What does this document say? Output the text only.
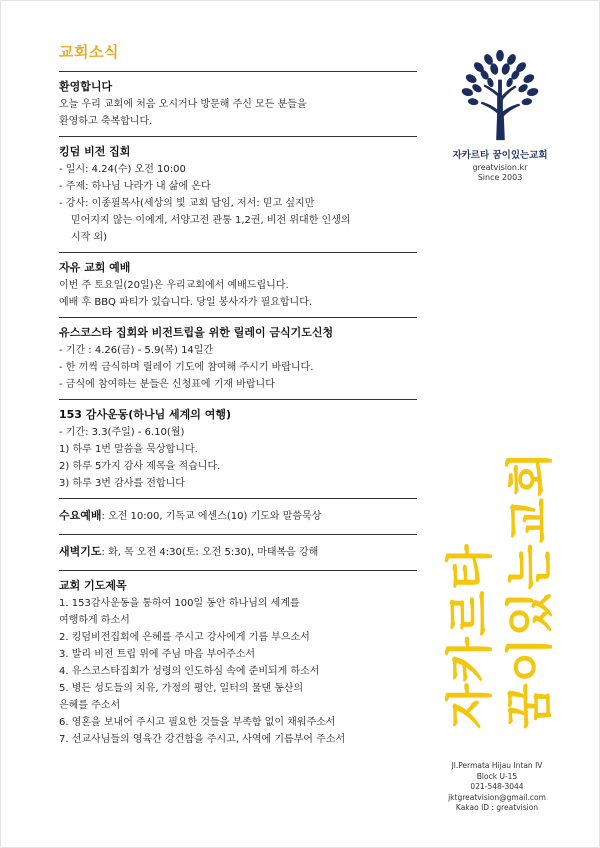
교회소식
환영합니다
오늘 우리 교회에 처음 오시거나 방문해 주신 모든 분들을
환영하고 축복합니다.
킹덤 비전 집회
- 일시: 4.24(수) 오전 10:00
- 주제: 하나님 나라가 내 삶에 온다
- 강사: 이종필목사(세상의 빛 교회 담임, 저서: 믿고 싶지만
믿어지지 않는 이에게, 서양고전 관통 1,2권, 비전 위대한 인생의
시작 외)
자유 교회 예배
이번 주 토요일(20일)은 우리교회에서 예배드립니다.
예배 후 BBQ 파티가 있습니다. 당일 봉사자가 필요합니다.
유스코스타 집회와 비전트립을 위한 릴레이 금식기도신청
- 기간 : 4.26(금) - 5.9(목) 14일간
- 한 끼씩 금식하며 릴레이 기도에 참여해 주시기 바랍니다.
- 금식에 참여하는 분들은 신청표에 기재 바랍니다
153 감사운동(하나님 세계의 여행)
- 기간: 3.3(주일) - 6.10(월)
1) 하루 1번 말씀을 묵상합니다.
2) 하루 5가지 감사 제목을 적습니다.
3) 하루 3번 감사를 전합니다
수요예배: 오전 10:00, 기독교 에센스(10) 기도와 말씀묵상
새벽기도: 화, 목 오전 4:30(토: 오전 5:30), 마태복음 강해
교회 기도제목
1. 153감사운동을 통하여 100일 동안 하나님의 세계를
여행하게 하소서
2. 킹덤비전집회에 은혜를 주시고 강사에게 기름 부으소서
3. 발리 비전 트립 위에 주님 마음 부어주소서
4. 유스코스타집회가 성령의 인도하심 속에 준비되게 하소서
5. 병든 성도들의 치유, 가정의 평안, 일터의 물댄 동산의
은혜를 주소서
6. 영혼을 보내어 주시고 필요한 것들을 부족함 없이 채워주소서
7. 선교사님들의 영육간 강건함을 주시고, 사역에 기름부어 주소서
자카르타 꿈이있는교회
greatvision.kr
Since 2003
자카르타 꿈이있는교회
Jl.Permata Hijau Intan IV
Block U-15
021-548-3044
jktgreatvision@gmail.com
Kakao ID : greatvision
